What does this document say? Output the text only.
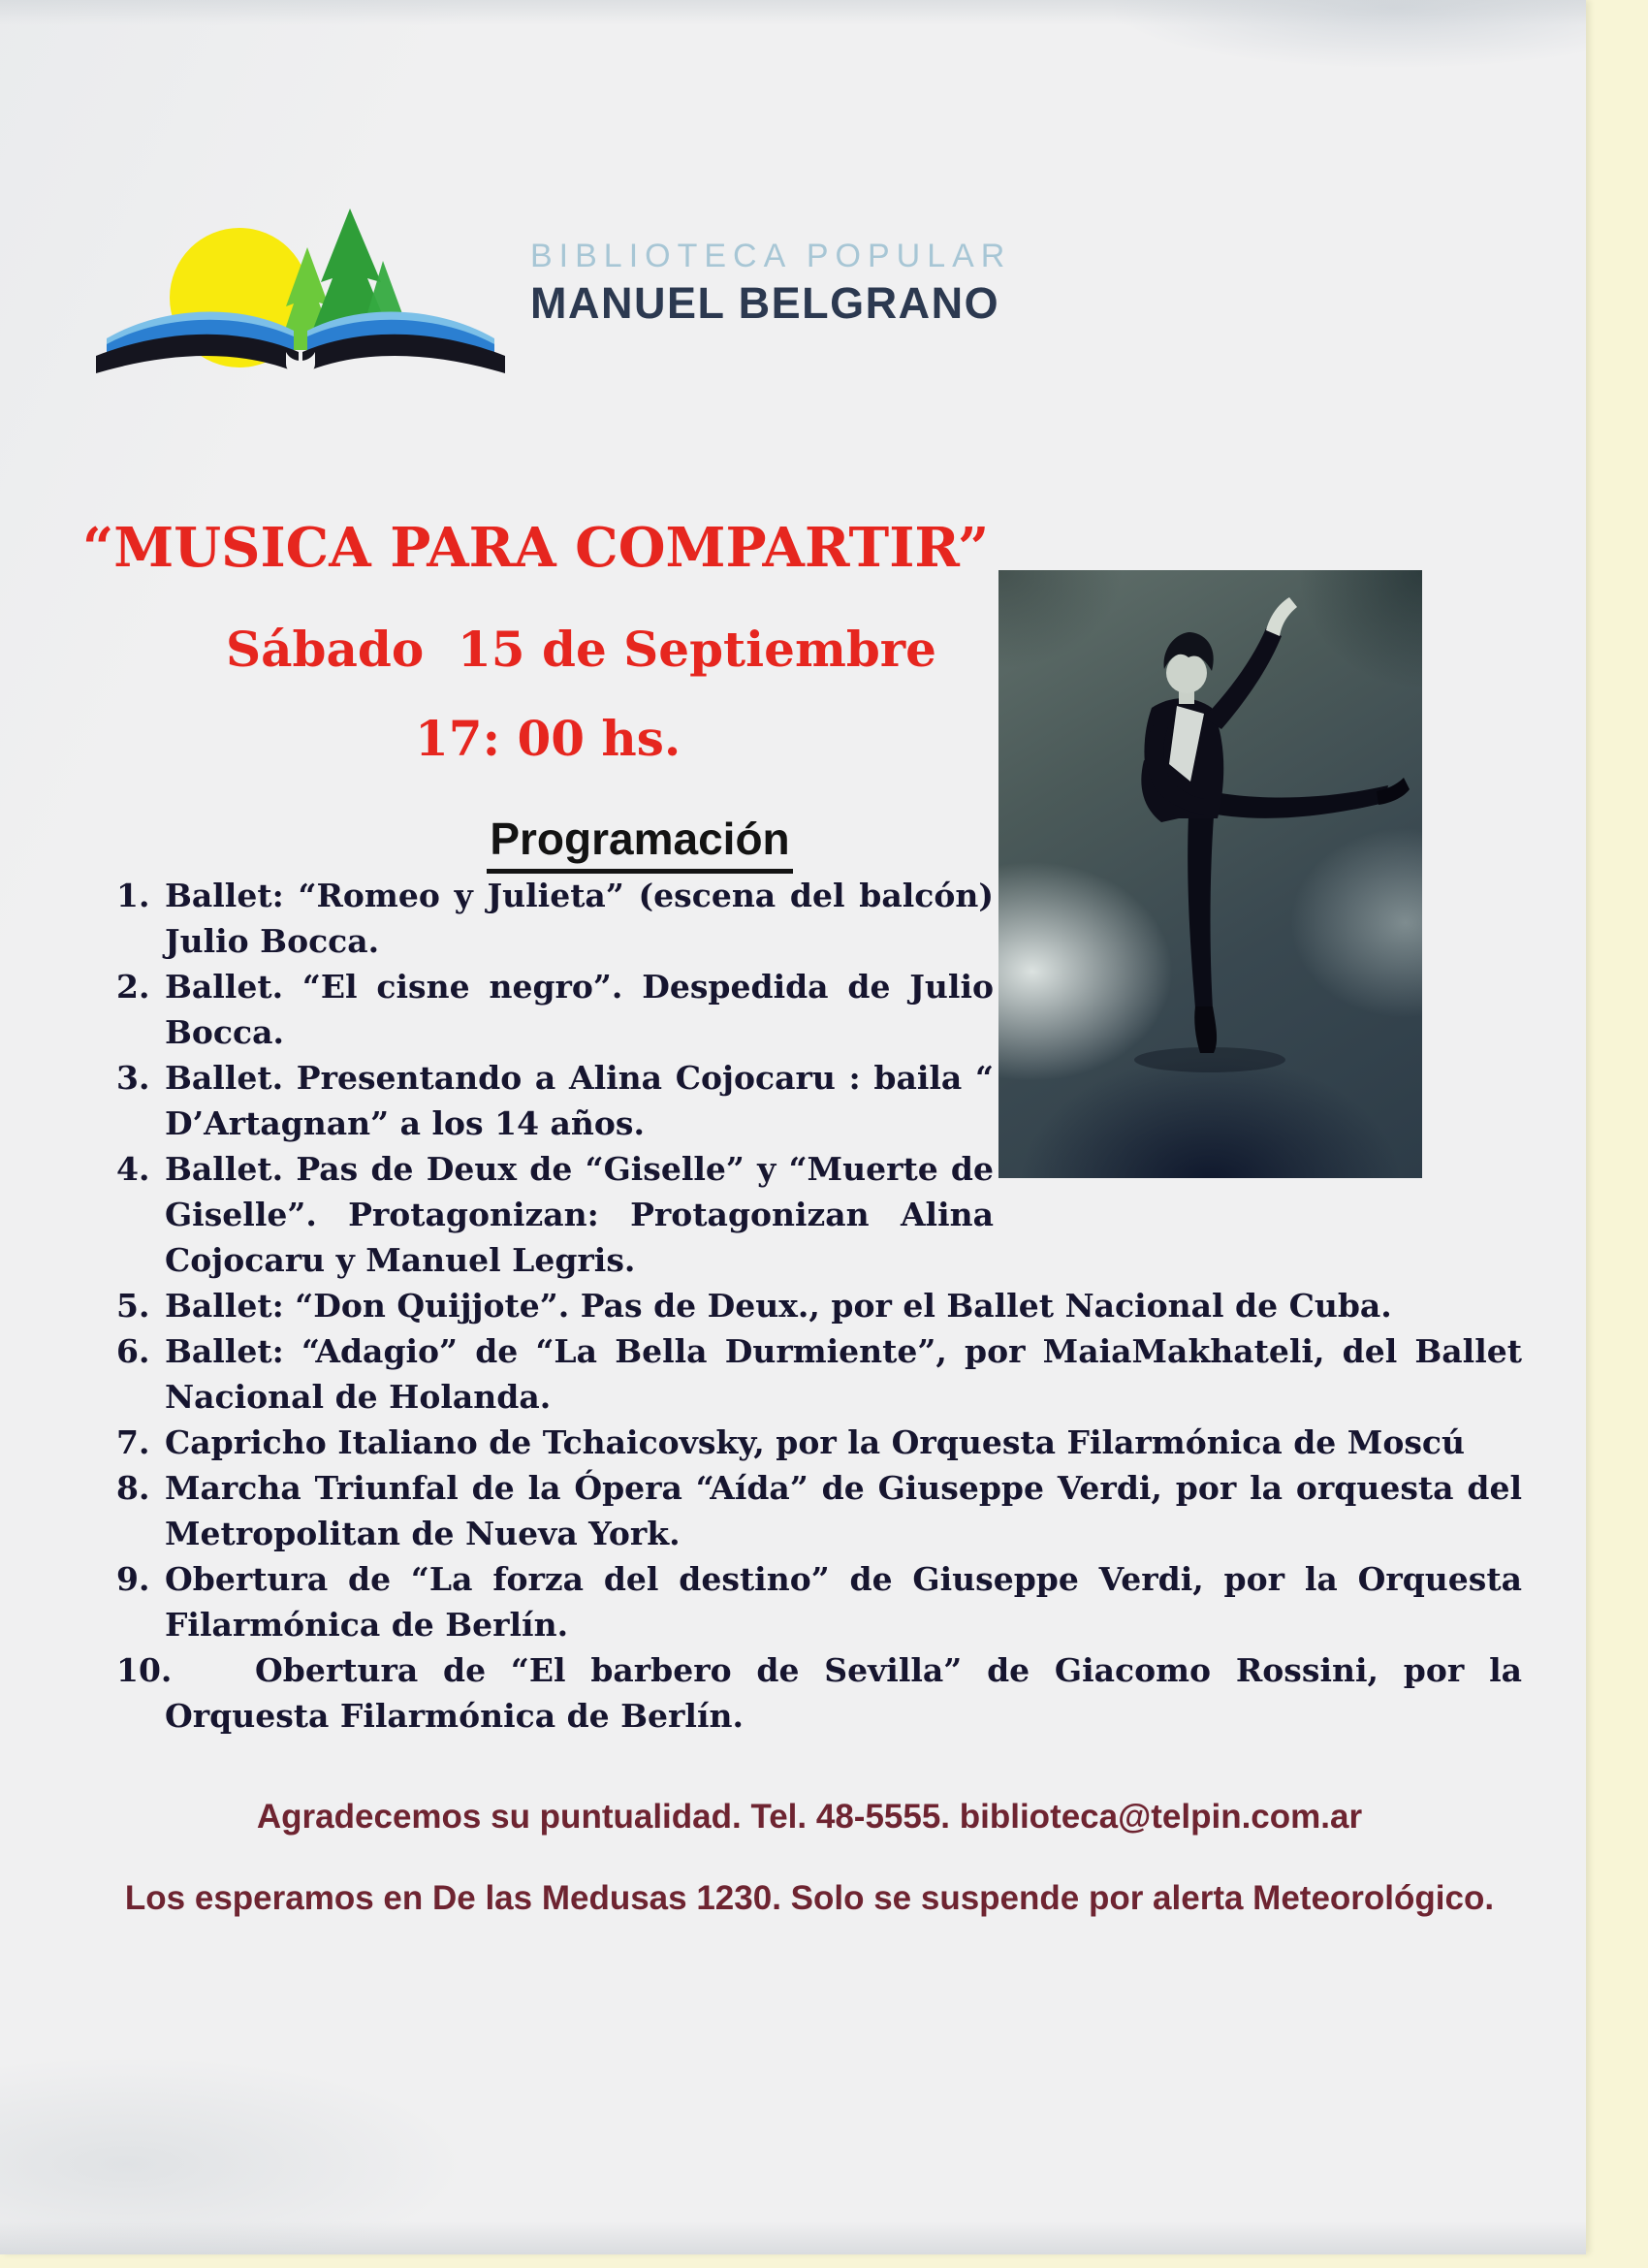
BIBLIOTECA POPULAR
MANUEL BELGRANO
“MUSICA PARA COMPARTIR”
Sábado  15 de Septiembre
17: 00 hs.
Programación
1. Ballet: “Romeo y Julieta” (escena del balcón) Julio Bocca.
2. Ballet. “El cisne negro”. Despedida de Julio Bocca.
3. Ballet. Presentando a Alina Cojocaru : baila “ D’Artagnan” a los 14 años.
4. Ballet. Pas de Deux de “Giselle” y “Muerte de Giselle”. Protagonizan: Protagonizan Alina Cojocaru y Manuel Legris.
5. Ballet: “Don Quijjote”. Pas de Deux., por el Ballet Nacional de Cuba.
6. Ballet: “Adagio” de “La Bella Durmiente”, por MaiaMakhateli, del Ballet Nacional de Holanda.
7. Capricho Italiano de Tchaicovsky, por la Orquesta Filarmónica de Moscú
8. Marcha Triunfal de la Ópera “Aída” de Giuseppe Verdi, por la orquesta del Metropolitan de Nueva York.
9. Obertura de “La forza del destino” de Giuseppe Verdi, por la Orquesta Filarmónica de Berlín.
10.	Obertura de “El barbero de Sevilla” de Giacomo Rossini, por la Orquesta Filarmónica de Berlín.
Agradecemos su puntualidad. Tel. 48-5555. biblioteca@telpin.com.ar
Los esperamos en De las Medusas 1230. Solo se suspende por alerta Meteorológico.
